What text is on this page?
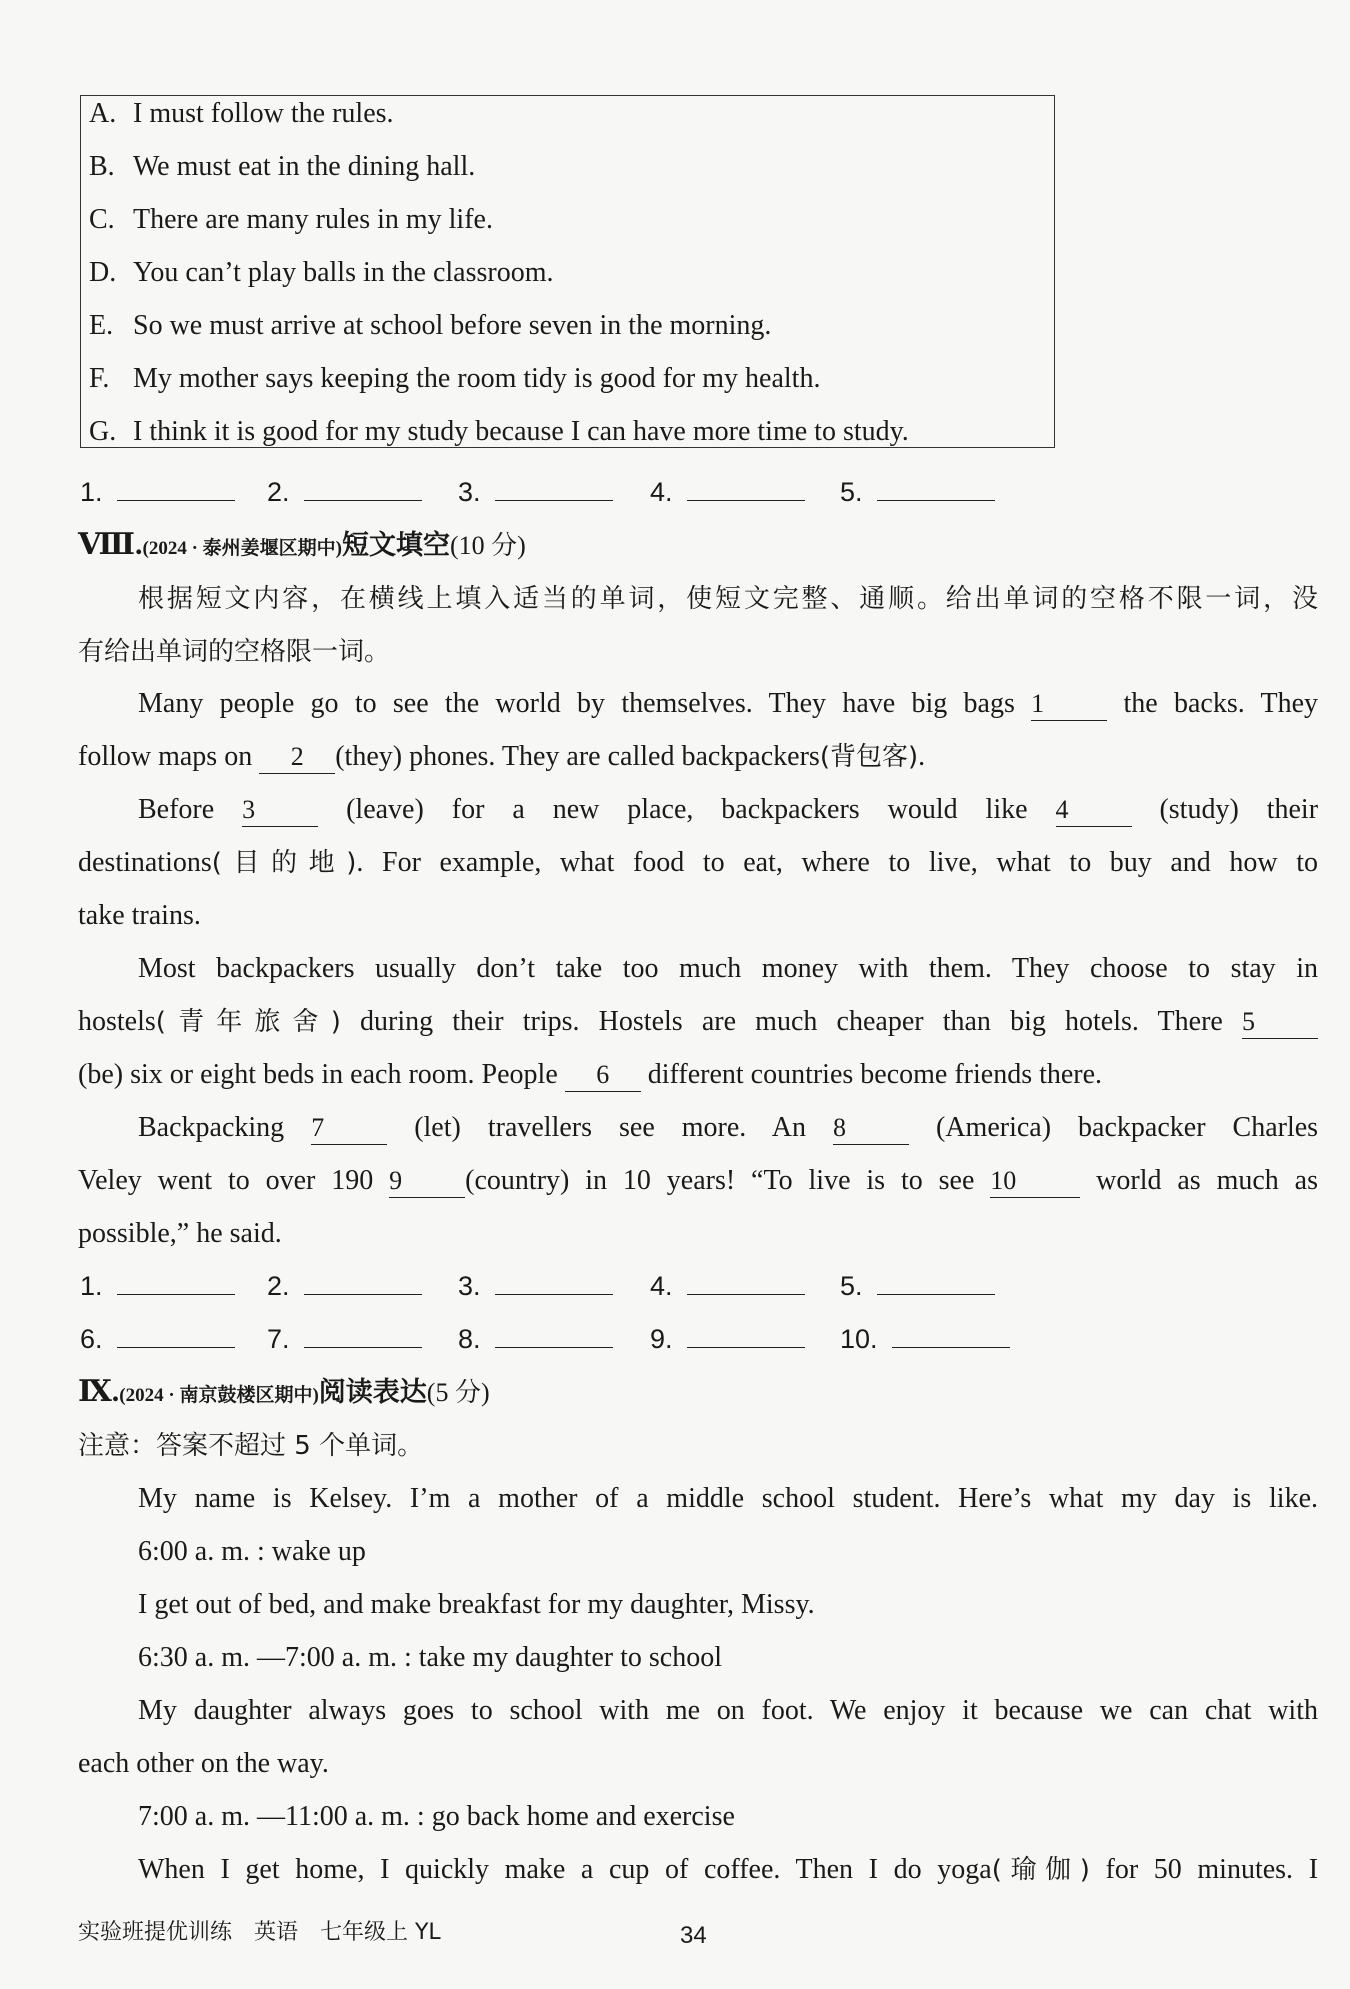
A. I must follow the rules.
B. We must eat in the dining hall.
C. There are many rules in my life.
D. You can’t play balls in the classroom.
E. So we must arrive at school before seven in the morning.
F. My mother says keeping the room tidy is good for my health.
G. I think it is good for my study because I can have more time to study.
1.	2.	3.	4.	5.
Ⅷ.(2024 · 泰州姜堰区期中)短文填空(10 分)
根据短文内容，在横线上填入适当的单词，使短文完整、通顺。给出单词的空格不限一词，没
有给出单词的空格限一词。
Many people go to see the world by themselves. They have big bags 1	the backs. They
follow maps on 2 (they) phones. They are called backpackers(背包客).
Before 3	(leave) for a new place, backpackers would like 4	(study) their
destinations(目的地). For example, what food to eat, where to live, what to buy and how to
take trains.
Most backpackers usually don’t take too much money with them. They choose to stay in
hostels(青年旅舍) during their trips. Hostels are much cheaper than big hotels. There 5
(be) six or eight beds in each room. People 6 different countries become friends there.
Backpacking 7	(let) travellers see more. An 8	(America) backpacker Charles
Veley went to over 190 9 (country) in 10 years! “To live is to see 10	world as much as
possible,” he said.
1.	2.	3.	4.	5.
6.	7.	8.	9.	10.
Ⅸ.(2024 · 南京鼓楼区期中)阅读表达(5 分)
注意：答案不超过 5 个单词。
My name is Kelsey. I’m a mother of a middle school student. Here’s what my day is like.
6:00 a. m. : wake up
I get out of bed, and make breakfast for my daughter, Missy.
6:30 a. m. —7:00 a. m. : take my daughter to school
My daughter always goes to school with me on foot. We enjoy it because we can chat with
each other on the way.
7:00 a. m. —11:00 a. m. : go back home and exercise
When I get home, I quickly make a cup of coffee. Then I do yoga(瑜伽) for 50 minutes. I
实验班提优训练　英语　七年级上 YL	34
